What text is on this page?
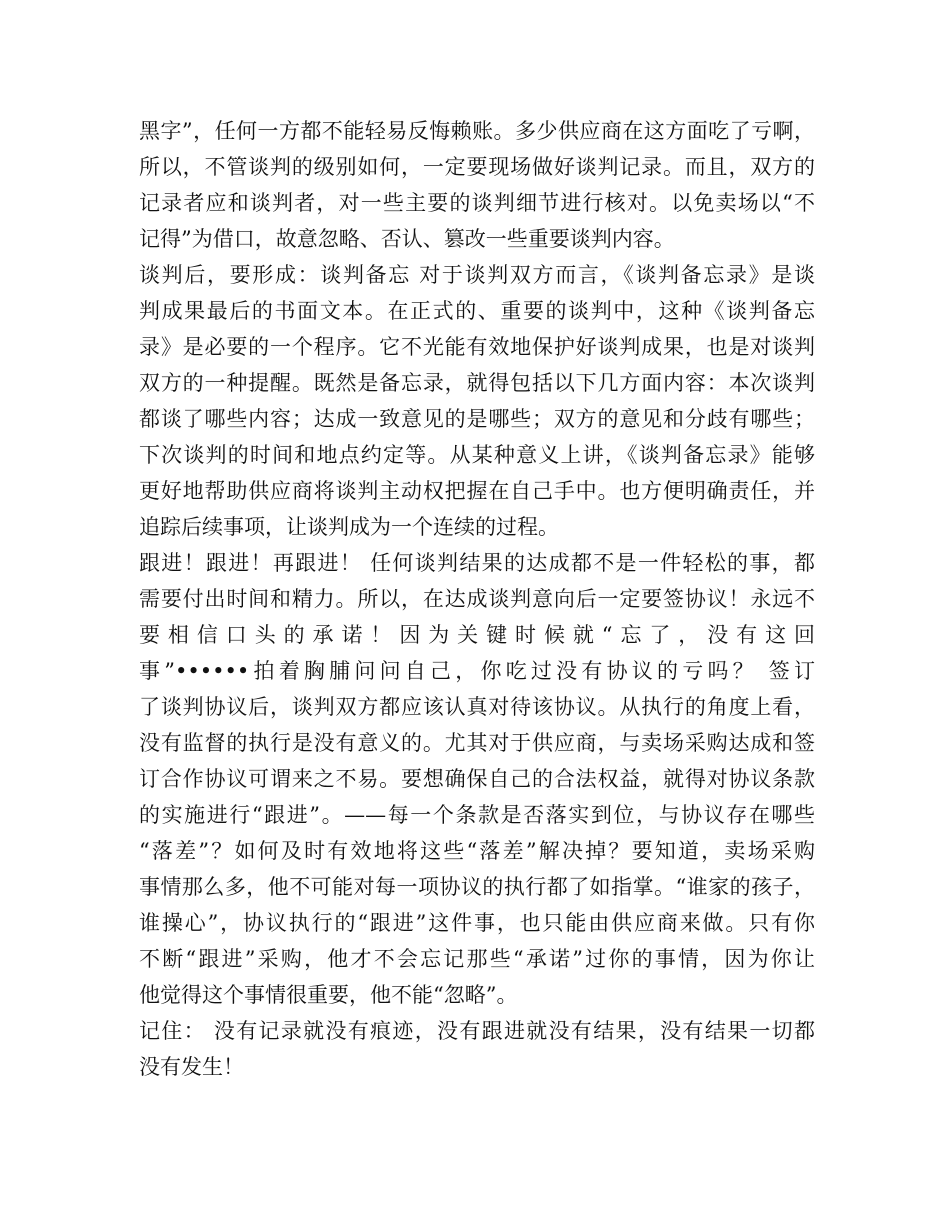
黑字”，任何一方都不能轻易反悔赖账。多少供应商在这方面吃了亏啊，
所以，不管谈判的级别如何，一定要现场做好谈判记录。而且，双方的
记录者应和谈判者，对一些主要的谈判细节进行核对。以免卖场以“不
记得”为借口，故意忽略、否认、篡改一些重要谈判内容。
谈判后，要形成：谈判备忘 对于谈判双方而言，《谈判备忘录》是谈
判成果最后的书面文本。在正式的、重要的谈判中，这种《谈判备忘
录》是必要的一个程序。它不光能有效地保护好谈判成果，也是对谈判
双方的一种提醒。既然是备忘录，就得包括以下几方面内容：本次谈判
都谈了哪些内容；达成一致意见的是哪些；双方的意见和分歧有哪些；
下次谈判的时间和地点约定等。从某种意义上讲，《谈判备忘录》能够
更好地帮助供应商将谈判主动权把握在自己手中。也方便明确责任，并
追踪后续事项，让谈判成为一个连续的过程。
跟进！跟进！再跟进！ 任何谈判结果的达成都不是一件轻松的事，都
需要付出时间和精力。所以，在达成谈判意向后一定要签协议！永远不
要相信口头的承诺！因为关键时候就“忘了，没有这回
事”••••••拍着胸脯问问自己，你吃过没有协议的亏吗？ 签订
了谈判协议后，谈判双方都应该认真对待该协议。从执行的角度上看，
没有监督的执行是没有意义的。尤其对于供应商，与卖场采购达成和签
订合作协议可谓来之不易。要想确保自己的合法权益，就得对协议条款
的实施进行“跟进”。——每一个条款是否落实到位，与协议存在哪些
“落差”？如何及时有效地将这些“落差”解决掉？要知道，卖场采购
事情那么多，他不可能对每一项协议的执行都了如指掌。“谁家的孩子，
谁操心”，协议执行的“跟进”这件事，也只能由供应商来做。只有你
不断“跟进”采购，他才不会忘记那些“承诺”过你的事情，因为你让
他觉得这个事情很重要，他不能“忽略”。
记住： 没有记录就没有痕迹，没有跟进就没有结果，没有结果一切都
没有发生！
